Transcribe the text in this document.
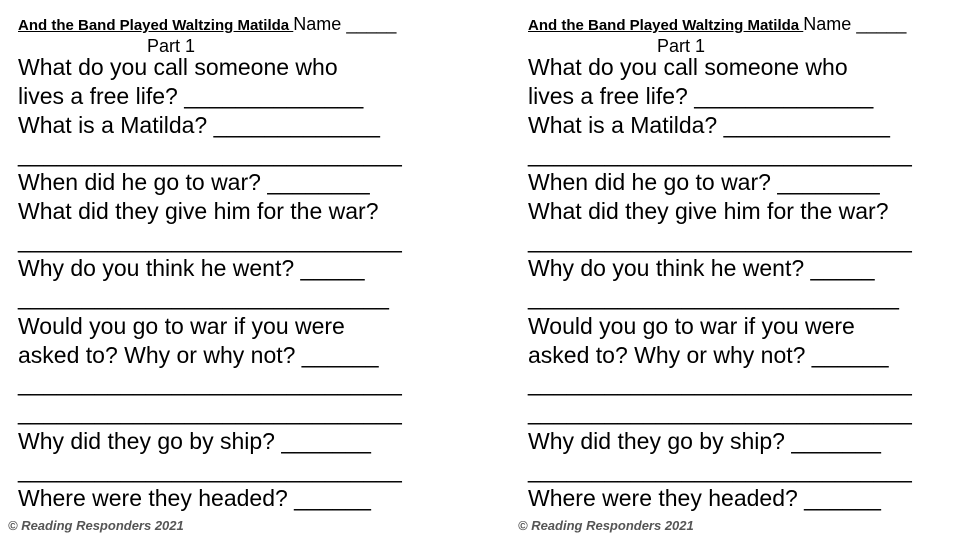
And the Band Played Waltzing Matilda Name _____
Part 1
What do you call someone who
lives a free life? ______________
What is a Matilda? _____________
______________________________
When did he go to war? ________
What did they give him for the war?
______________________________
Why do you think he went? _____
_____________________________
Would you go to war if you were
asked to? Why or why not? ______
______________________________
______________________________
Why did they go by ship? _______
______________________________
Where were they headed? ______
And the Band Played Waltzing Matilda Name _____
Part 1
What do you call someone who
lives a free life? ______________
What is a Matilda? _____________
______________________________
When did he go to war? ________
What did they give him for the war?
______________________________
Why do you think he went? _____
_____________________________
Would you go to war if you were
asked to? Why or why not? ______
______________________________
______________________________
Why did they go by ship? _______
______________________________
Where were they headed? ______
© Reading Responders 2021	© Reading Responders 2021
